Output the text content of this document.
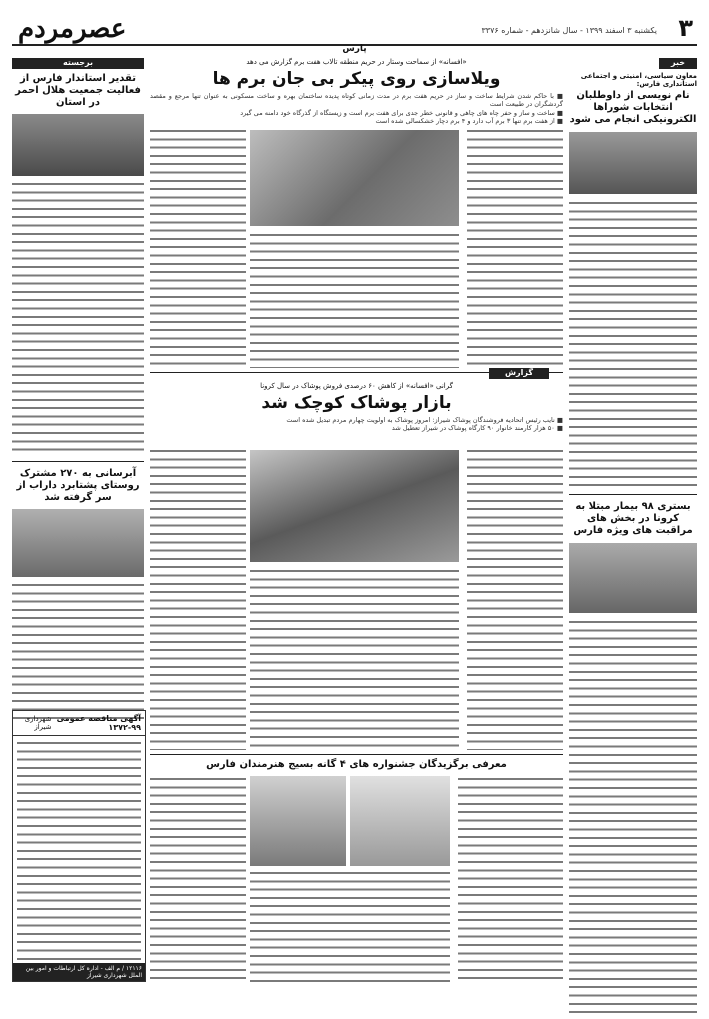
۳
یکشنبه ۳ اسفند ۱۳۹۹ - سال شانزدهم - شماره ۳۳۷۶
عصرمردم
پارس
خبر
معاون سیاسی، امنیتی و اجتماعی استانداری فارس:
نام نویسی از داوطلبان انتخابات شوراها الکترونیکی انجام می شود
بستری ۹۸ بیمار مبتلا به کرونا در بخش های مراقبت های ویژه فارس
برجسته
تقدیر استاندار فارس از فعالیت جمعیت هلال احمر در استان
آبرسانی به ۲۷۰ مشترک روستای پشتابرد داراب از سر گرفته شد
آگهی مناقصه عمومی ۹۹-۱۳۷۲
شهرداری شیراز
۱۲۱۱۶ / م الف - اداره کل ارتباطات و امور بین الملل شهرداری شیراز
«افسانه» از سماحت وستار در حریم منطقه تالاب هفت برم گزارش می دهد
ویلاسازی روی پیکر بی جان برم ها
■ با حاکم شدن شرایط ساخت و ساز در حریم هفت برم در مدت زمانی کوتاه پدیده ساختمان بهره و ساخت مسکونی به عنوان تنها مرجع و مقصد گردشگران در طبیعت است
■ ساخت و ساز و حفر چاه های چاهی و قانونی خطر جدی برای هفت برم است و زیستگاه از گذرگاه خود دامنه می گیرد
■ از هفت برم تنها ۳ برم آب دارد و ۴ برم دچار خشکسالی شده است
گزارش
گرانی «افسانه» از کاهش ۶۰ درصدی فروش پوشاک در سال کرونا
بازار پوشاک کوچک شد
■ نایب رئیس اتحادیه فروشندگان پوشاک شیراز: امروز پوشاک به اولویت چهارم مردم تبدیل شده است
■ ۵۰ هزار کارمند خانوار ۹۰ کارگاه پوشاک در شیراز تعطیل شد
معرفی برگزیدگان جشنواره های ۴ گانه بسیج هنرمندان فارس
